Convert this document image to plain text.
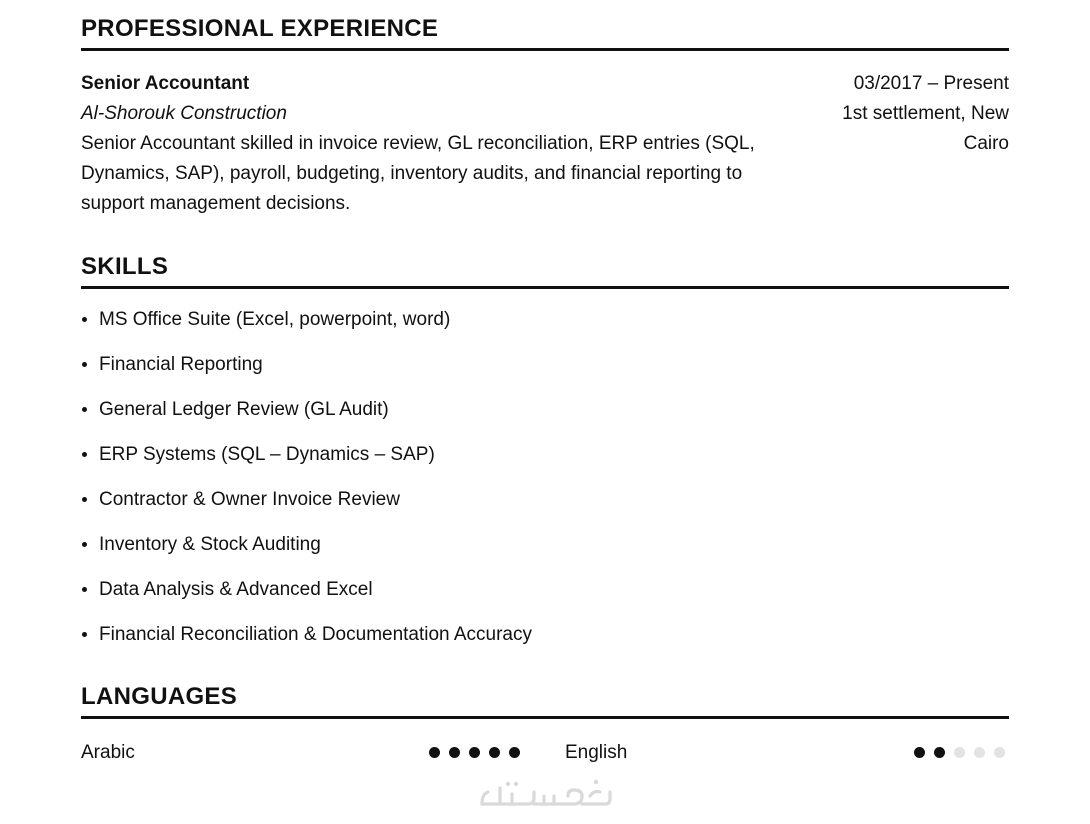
PROFESSIONAL EXPERIENCE
Senior Accountant
Al-Shorouk Construction
Senior Accountant skilled in invoice review, GL reconciliation, ERP entries (SQL, Dynamics, SAP), payroll, budgeting, inventory audits, and financial reporting to support management decisions.
03/2017 – Present
1st settlement, New Cairo
SKILLS
MS Office Suite (Excel, powerpoint, word)
Financial Reporting
General Ledger Review (GL Audit)
ERP Systems (SQL – Dynamics – SAP)
Contractor & Owner Invoice Review
Inventory & Stock Auditing
Data Analysis & Advanced Excel
Financial Reconciliation & Documentation Accuracy
LANGUAGES
Arabic	English
